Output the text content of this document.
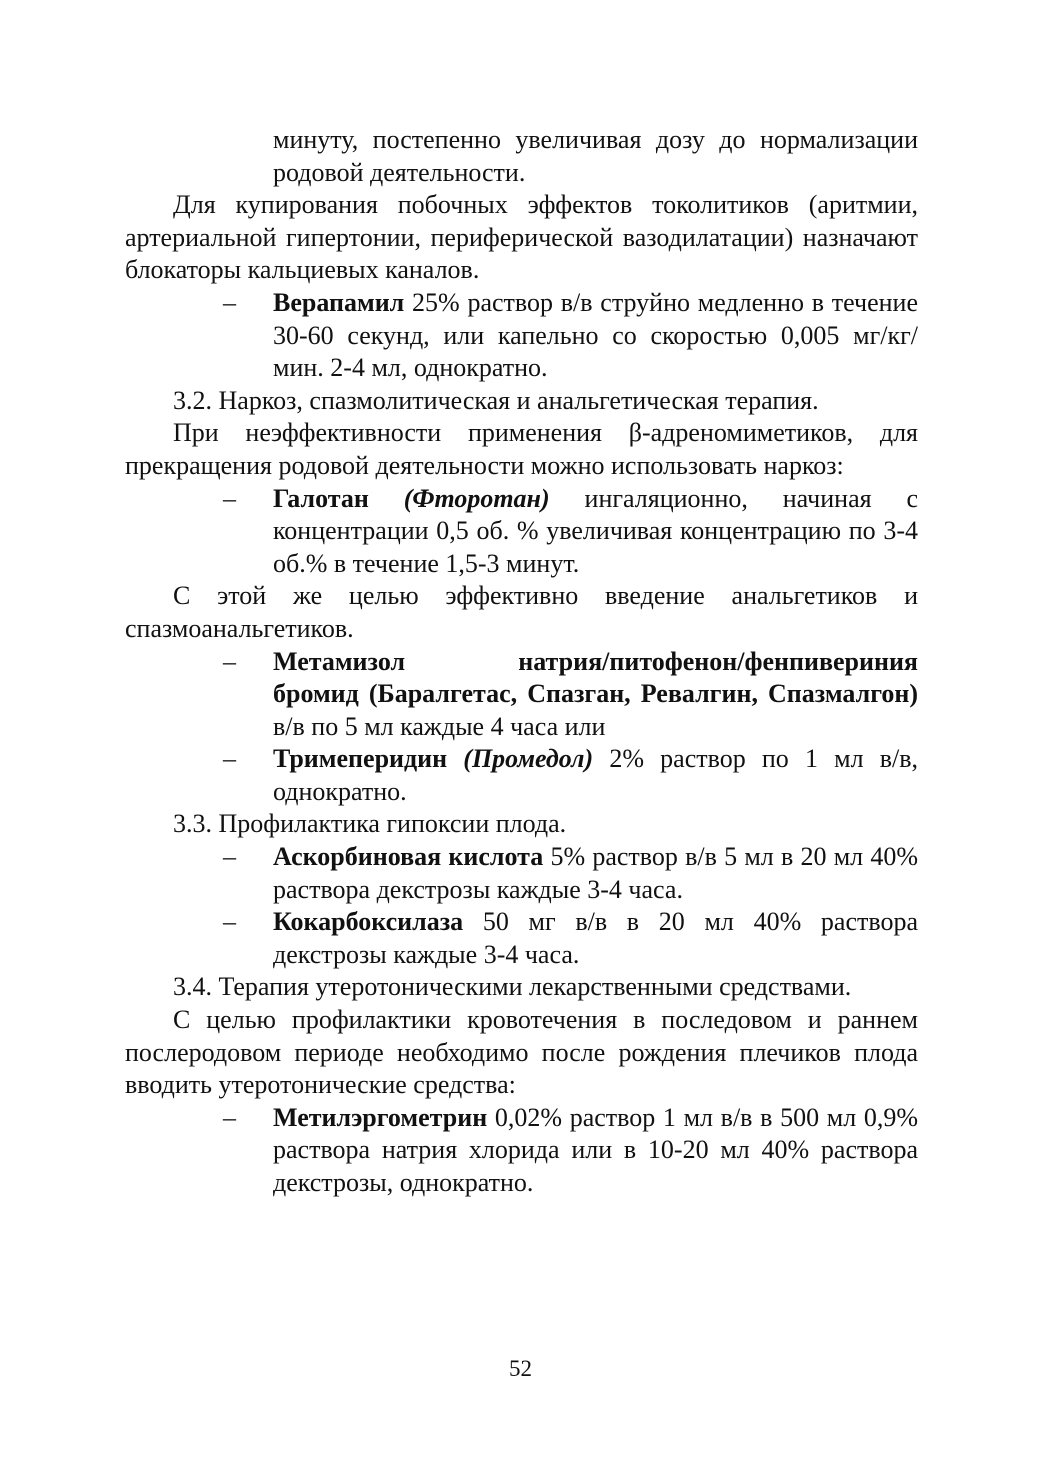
минуту, постепенно увеличивая дозу до нормализации родовой деятельности.

Для купирования побочных эффектов токолитиков (аритмии, артериальной гипертонии, периферической вазодилатации) назначают блокаторы кальциевых каналов.

– Верапамил 25% раствор в/в струйно медленно в течение 30-60 секунд, или капельно со скоростью 0,005 мг/кг/мин. 2-4 мл, однократно.

3.2. Наркоз, спазмолитическая и анальгетическая терапия.

При неэффективности применения β-адреномиметиков, для прекращения родовой деятельности можно использовать наркоз:

– Галотан (Фторотан) ингаляционно, начиная с концентрации 0,5 об. % увеличивая концентрацию по 3-4 об.% в течение 1,5-3 минут.

С этой же целью эффективно введение анальгетиков и спазмоанальгетиков.

– Метамизол натрия/питофенон/фенпивериния
бромид (Баралгетас, Спазган, Ревалгин, Спазмалгон) в/в по 5 мл каждые 4 часа или

– Тримеперидин (Промедол) 2% раствор по 1 мл в/в, однократно.

3.3. Профилактика гипоксии плода.

– Аскорбиновая кислота 5% раствор в/в 5 мл в 20 мл 40% раствора декстрозы каждые 3-4 часа.

– Кокарбоксилаза 50 мг в/в в 20 мл 40% раствора декстрозы каждые 3-4 часа.

3.4. Терапия утеротоническими лекарственными средствами.

С целью профилактики кровотечения в последовом и раннем послеродовом периоде необходимо после рождения плечиков плода вводить утеротонические средства:

– Метилэргометрин 0,02% раствор 1 мл в/в в 500 мл 0,9% раствора натрия хлорида или в 10-20 мл 40% раствора декстрозы, однократно.

52
